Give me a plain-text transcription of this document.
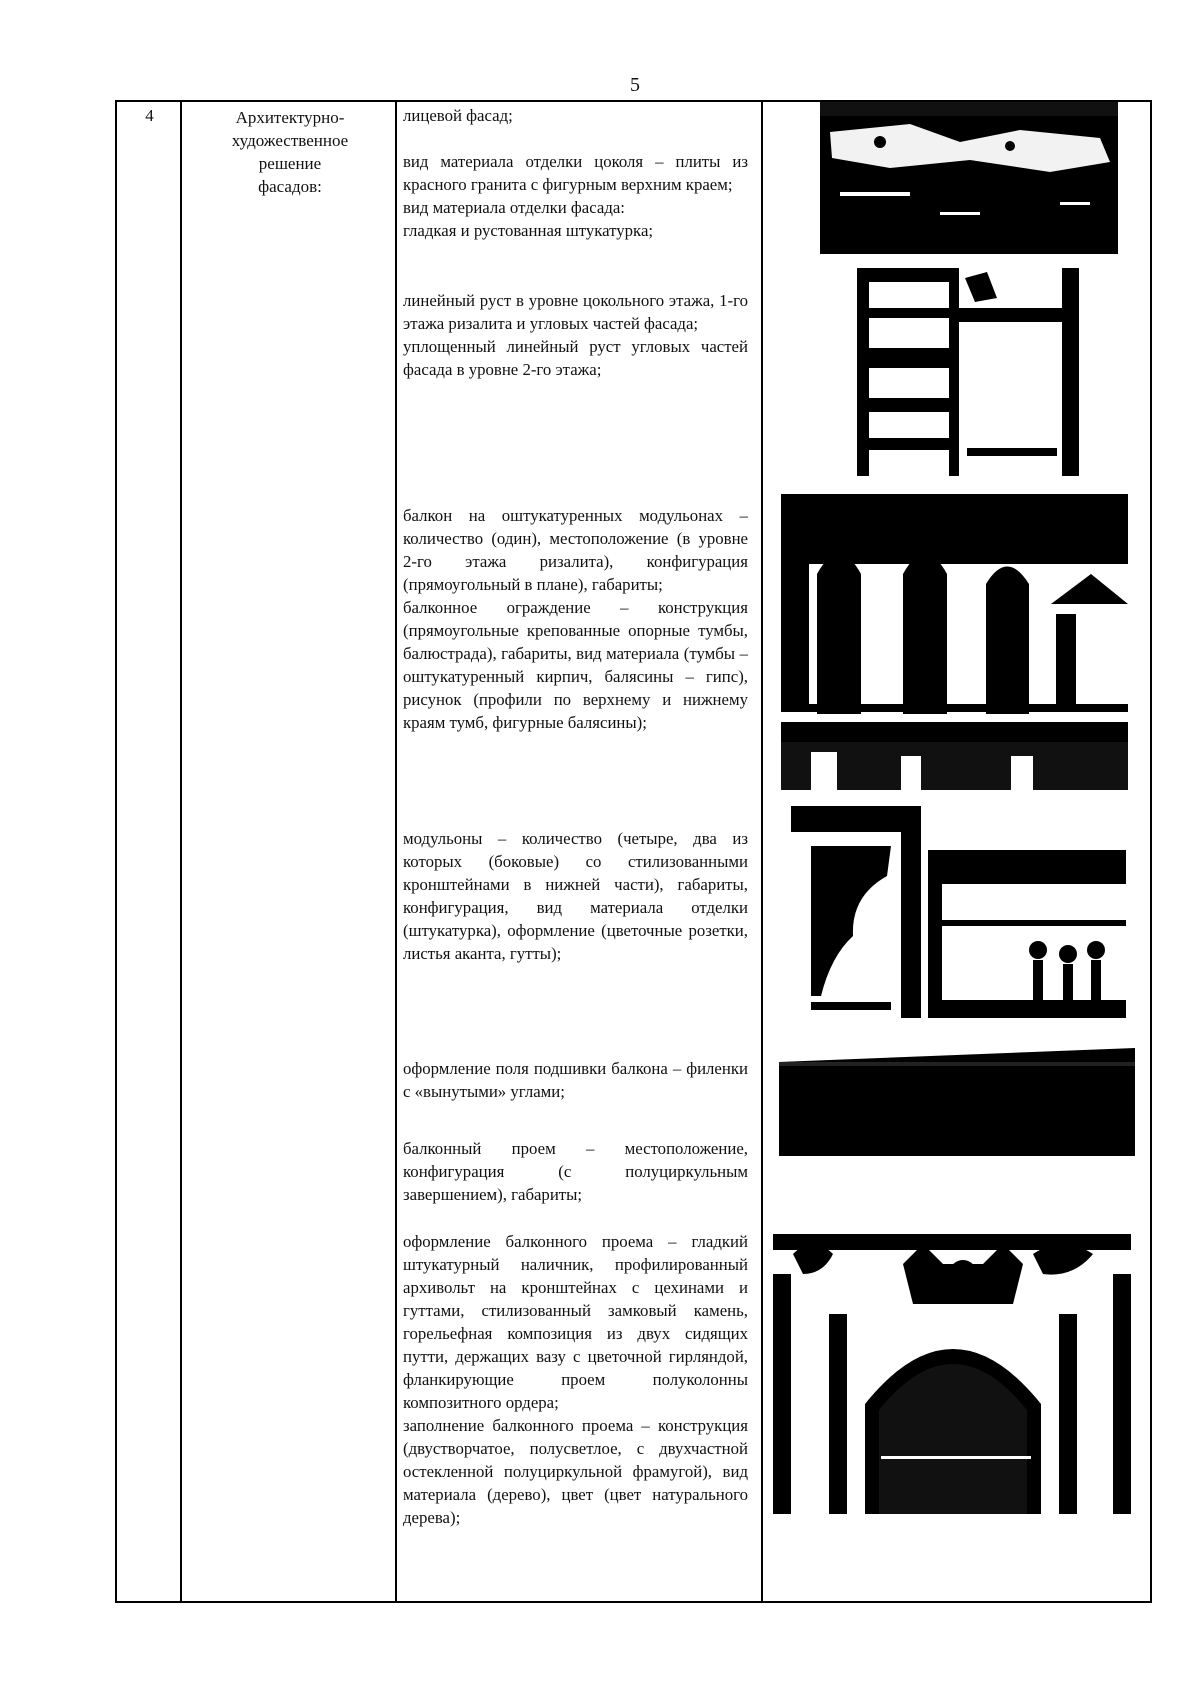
5
4	Архитектурно-
художественное
решение
фасадов:

лицевой фасад;

вид материала отделки цоколя – плиты из красного гранита с фигурным верхним краем;

вид материала отделки фасада:

гладкая и рустованная штукатурка;

линейный руст в уровне цокольного этажа, 1-го этажа ризалита и угловых частей фасада;

уплощенный линейный руст угловых частей фасада в уровне 2-го этажа;

балкон на оштукатуренных модульонах – количество (один), местоположение (в уровне 2-го этажа ризалита), конфигурация (прямоугольный в плане), габариты;

балконное ограждение – конструкция (прямоугольные крепованные опорные тумбы, балюстрада), габариты, вид материала (тумбы – оштукатуренный кирпич, балясины – гипс), рисунок (профили по верхнему и нижнему краям тумб, фигурные балясины);

модульоны – количество (четыре, два из которых (боковые) со стилизованными кронштейнами в нижней части), габариты, конфигурация, вид материала отделки (штукатурка), оформление (цветочные розетки, листья аканта, гутты);

оформление поля подшивки балкона – филенки с «вынутыми» углами;

балконный проем – местоположение, конфигурация (с полуциркульным завершением), габариты;

оформление балконного проема – гладкий штукатурный наличник, профилированный архивольт на кронштейнах с цехинами и гуттами, стилизованный замковый камень, горельефная композиция из двух сидящих путти, держащих вазу с цветочной гирляндой, фланкирующие проем полуколонны композитного ордера;

заполнение балконного проема – конструкция (двустворчатое, полусветлое, с двухчастной остекленной полуциркульной фрамугой), вид материала (дерево), цвет (цвет натурального дерева);
